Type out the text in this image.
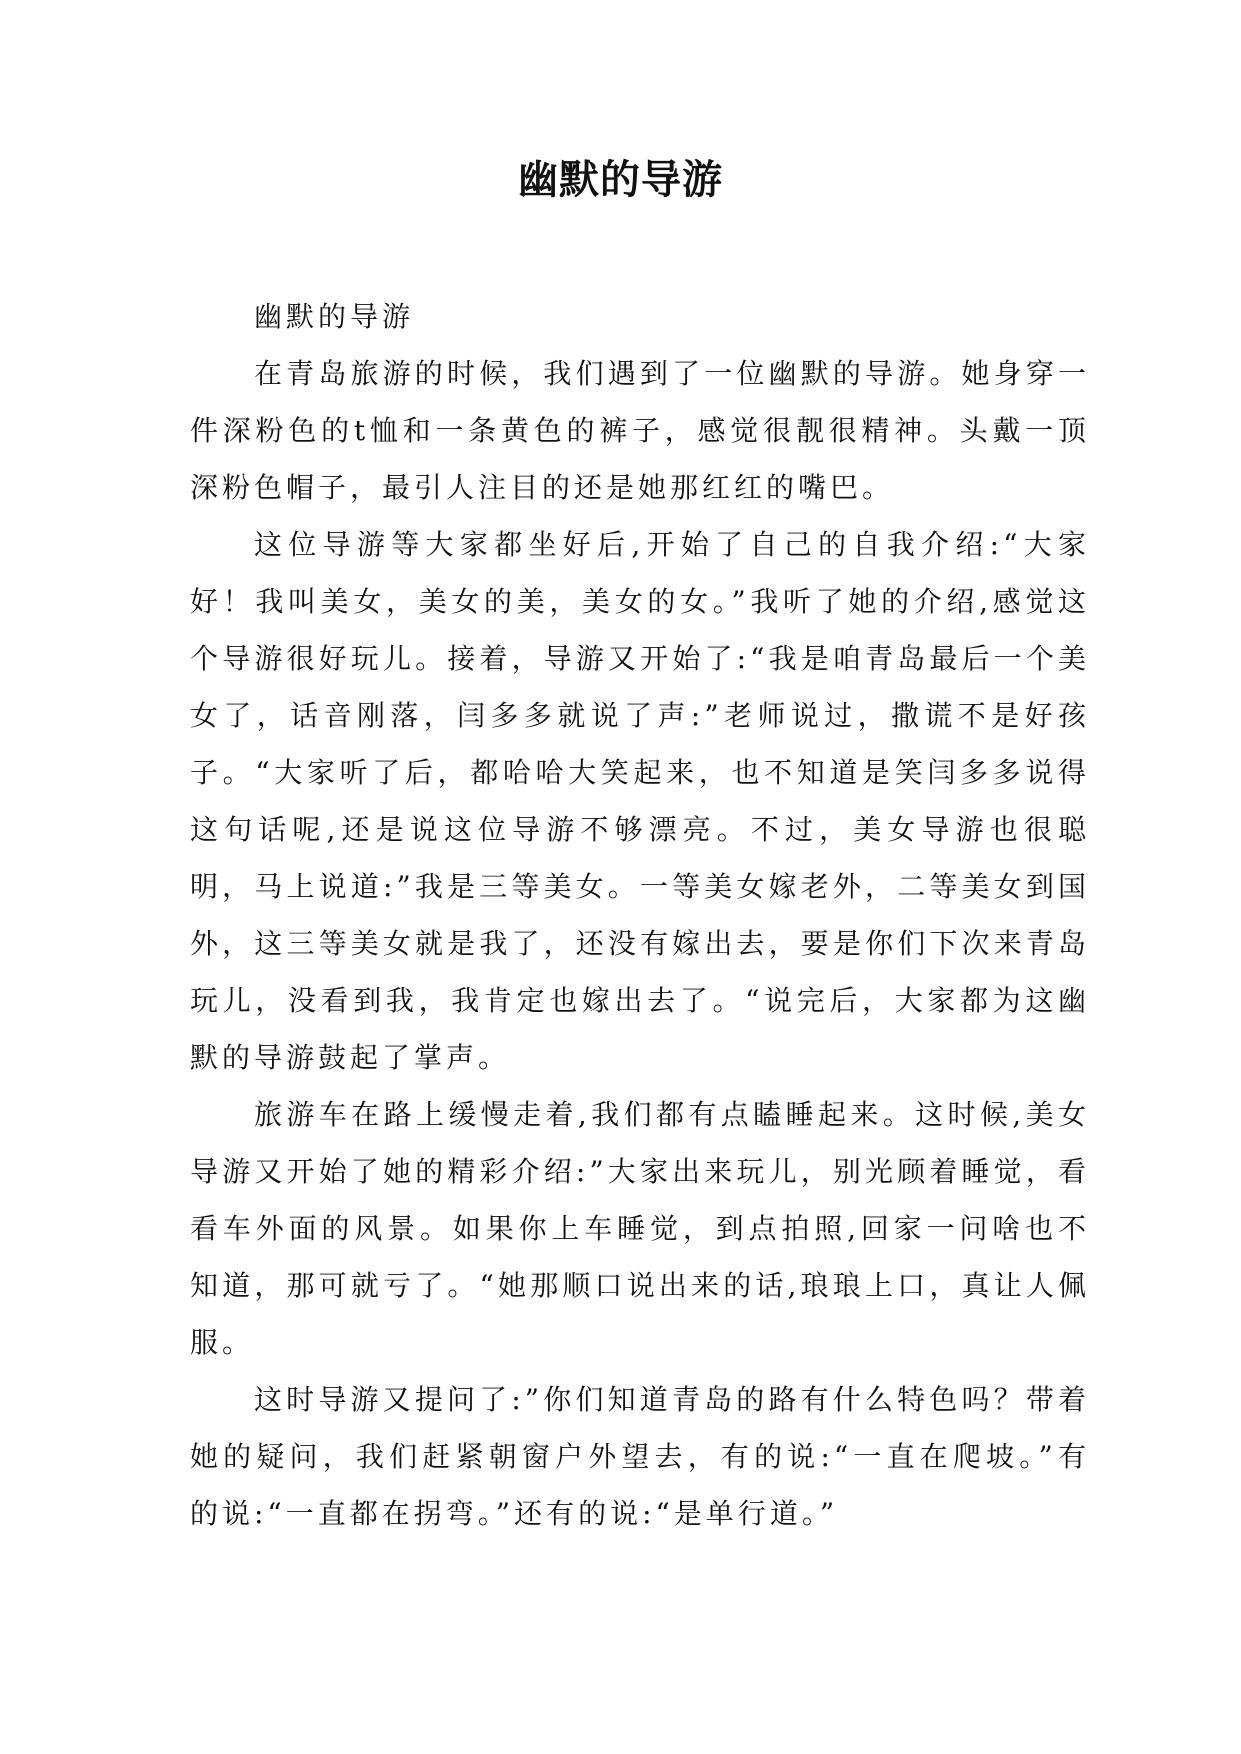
幽默的导游

幽默的导游

在青岛旅游的时候，我们遇到了一位幽默的导游。她身穿一件深粉色的t恤和一条黄色的裤子，感觉很靓很精神。头戴一顶深粉色帽子，最引人注目的还是她那红红的嘴巴。

这位导游等大家都坐好后,开始了自己的自我介绍:“大家好！我叫美女，美女的美，美女的女。”我听了她的介绍,感觉这个导游很好玩儿。接着，导游又开始了:“我是咱青岛最后一个美女了，话音刚落，闫多多就说了声:”老师说过，撒谎不是好孩子。“大家听了后，都哈哈大笑起来，也不知道是笑闫多多说得这句话呢,还是说这位导游不够漂亮。不过，美女导游也很聪明，马上说道:”我是三等美女。一等美女嫁老外，二等美女到国外，这三等美女就是我了，还没有嫁出去，要是你们下次来青岛玩儿，没看到我，我肯定也嫁出去了。“说完后，大家都为这幽默的导游鼓起了掌声。

旅游车在路上缓慢走着,我们都有点瞌睡起来。这时候,美女导游又开始了她的精彩介绍:”大家出来玩儿，别光顾着睡觉，看看车外面的风景。如果你上车睡觉，到点拍照,回家一问啥也不知道，那可就亏了。“她那顺口说出来的话,琅琅上口，真让人佩服。

这时导游又提问了:”你们知道青岛的路有什么特色吗？带着她的疑问，我们赶紧朝窗户外望去，有的说:“一直在爬坡。”有的说:“一直都在拐弯。”还有的说:“是单行道。”
